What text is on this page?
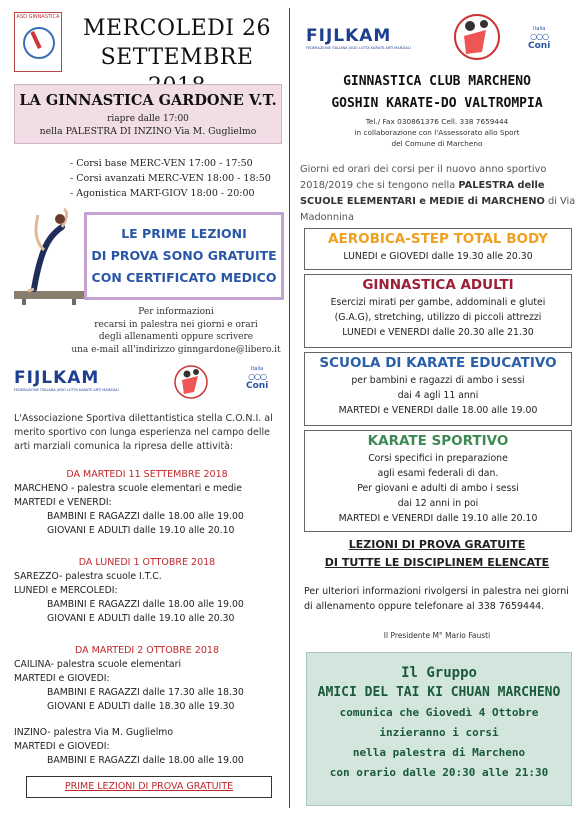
ASD GINNASTICA	MERCOLEDI 26
SETTEMBRE
LA GINNASTICA GARDONE V.T.
riapre dalle 17:00
nella PALESTRA DI INZINO Via M. Guglielmo
- Corsi base MERC-VEN 17:00 - 17:50
- Corsi avanzati MERC-VEN 18:00 - 18:50
- Agonistica MART-GIOV 18:00 - 20:00
LE PRIME LEZIONI
DI PROVA SONO GRATUITE
CON CERTIFICATO MEDICO
Per informazioni
recarsi in palestra nei giorni e orari
degli allenamenti oppure scrivere
una e-mail all'indirizzo ginngardone@libero.it
FIJLKAM
FEDERAZIONE ITALIANA JUDO LOTTA KARATE ARTI MARZIALI
Italia
○○○
Coni
L'Associazione Sportiva dilettantistica stella C.O.N.I. al merito sportivo con lunga esperienza nel campo delle arti marziali comunica la ripresa delle attività:
DA MARTEDI 11 SETTEMBRE 2018
MARCHENO - palestra scuole elementari e medie
MARTEDI e VENERDI:
BAMBINI E RAGAZZI dalle 18.00 alle 19.00
GIOVANI E ADULTI dalle 19.10 alle 20.10
DA LUNEDI 1 OTTOBRE 2018
SAREZZO- palestra scuole I.T.C.
LUNEDI e MERCOLEDI:
BAMBINI E RAGAZZI dalle 18.00 alle 19.00
GIOVANI E ADULTI dalle 19.10 alle 20.30
DA MARTEDI 2 OTTOBRE 2018
CAILINA- palestra scuole elementari
MARTEDI e GIOVEDI:
BAMBINI E RAGAZZI dalle 17.30 alle 18.30
GIOVANI E ADULTI dalle 18.30 alle 19.30
INZINO- palestra Via M. Guglielmo
MARTEDI e GIOVEDI:
BAMBINI E RAGAZZI dalle 18.00 alle 19.00
PRIME LEZIONI DI PROVA GRATUITE
FIJLKAM
FEDERAZIONE ITALIANA JUDO LOTTA KARATE ARTI MARZIALI
Italia
○○○
Coni
GINNASTICA CLUB MARCHENO
GOSHIN KARATE-DO VALTROMPIA
Tel./ Fax 030861376 Cell. 338 7659444
in collaborazione con l'Assessorato allo Sport
del Comune di Marcheno
Giorni ed orari dei corsi per il nuovo anno sportivo 2018/2019 che si tengono nella PALESTRA delle SCUOLE ELEMENTARI e MEDIE di MARCHENO di Via Madonnina
AEROBICA-STEP TOTAL BODY
LUNEDI e GIOVEDI dalle 19.30 alle 20.30
GINNASTICA ADULTI
Esercizi mirati per gambe, addominali e glutei
(G.A.G), stretching, utilizzo di piccoli attrezzi
LUNEDI e VENERDI dalle 20.30 alle 21.30
SCUOLA DI KARATE EDUCATIVO
per bambini e ragazzi di ambo i sessi
dai 4 agli 11 anni
MARTEDI e VENERDI dalle 18.00 alle 19.00
KARATE SPORTIVO
Corsi specifici in preparazione
agli esami federali di dan.
Per giovani e adulti di ambo i sessi
dai 12 anni in poi
MARTEDI e VENERDI dalle 19.10 alle 20.10
LEZIONI DI PROVA GRATUITE
DI TUTTE LE DISCIPLINEM ELENCATE
Per ulteriori informazioni rivolgersi in palestra nei giorni di allenamento oppure telefonare al 338 7659444.
Il Presidente M° Mario Fausti
Il Gruppo
AMICI DEL TAI KI CHUAN MARCHENO
comunica che Giovedì 4 Ottobre
inzieranno i corsi
nella palestra di Marcheno
con orario dalle 20:30 alle 21:30
